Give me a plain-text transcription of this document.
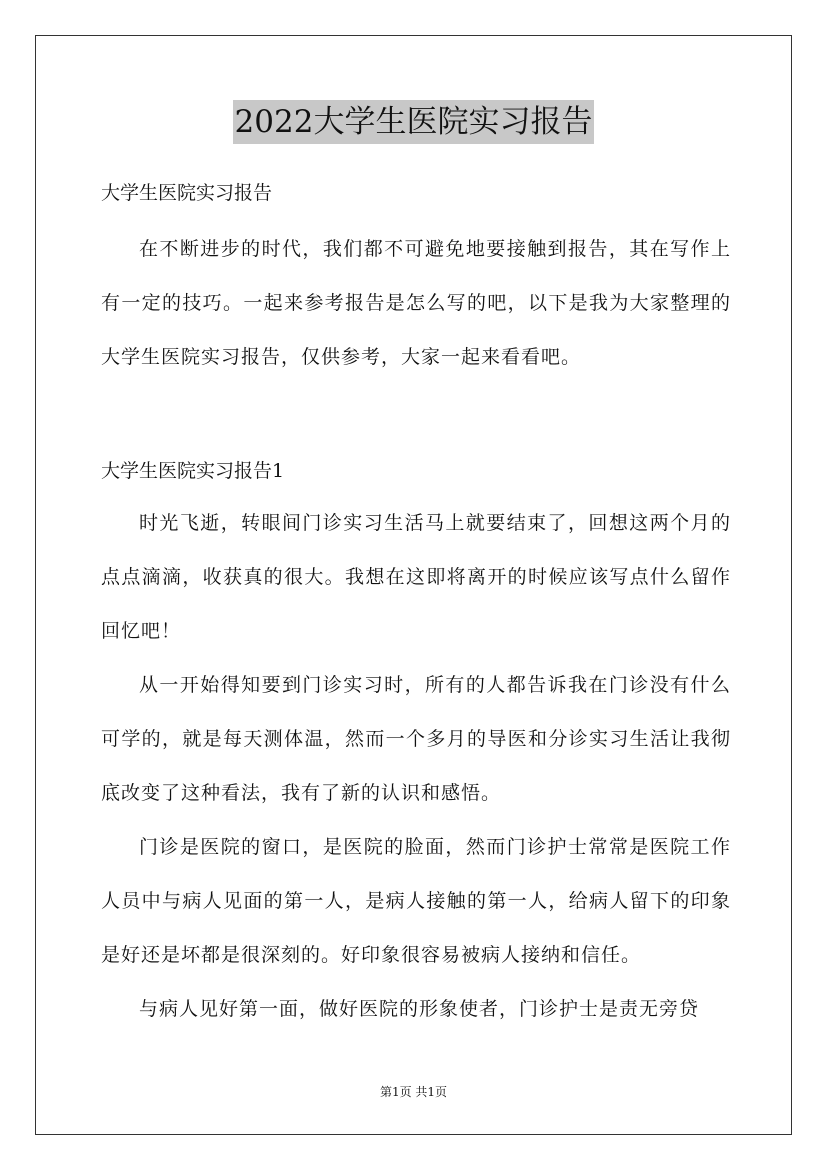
2022大学生医院实习报告

大学生医院实习报告

在不断进步的时代，我们都不可避免地要接触到报告，其在写作上有一定的技巧。一起来参考报告是怎么写的吧，以下是我为大家整理的大学生医院实习报告，仅供参考，大家一起来看看吧。

大学生医院实习报告1

时光飞逝，转眼间门诊实习生活马上就要结束了，回想这两个月的点点滴滴，收获真的很大。我想在这即将离开的时候应该写点什么留作回忆吧！

从一开始得知要到门诊实习时，所有的人都告诉我在门诊没有什么可学的，就是每天测体温，然而一个多月的导医和分诊实习生活让我彻底改变了这种看法，我有了新的认识和感悟。

门诊是医院的窗口，是医院的脸面，然而门诊护士常常是医院工作人员中与病人见面的第一人，是病人接触的第一人，给病人留下的印象是好还是坏都是很深刻的。好印象很容易被病人接纳和信任。

与病人见好第一面，做好医院的形象使者，门诊护士是责无旁贷

第1页 共1页
